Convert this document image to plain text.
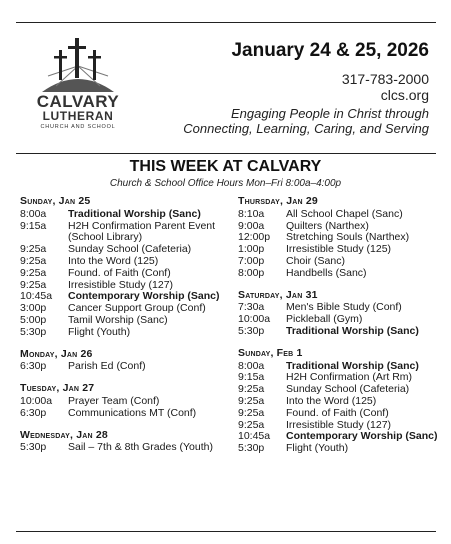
CALVARY
LUTHERAN
CHURCH AND SCHOOL
January 24 & 25, 2026
317-783-2000
clcs.org
Engaging People in Christ through
Connecting, Learning, Caring, and Serving
THIS WEEK AT CALVARY
Church & School Office Hours Mon–Fri 8:00a–4:00p
Sunday, Jan 25
8:00a	Traditional Worship (Sanc)
9:15a	H2H Confirmation Parent Event (School Library)
9:25a	Sunday School (Cafeteria)
9:25a	Into the Word (125)
9:25a	Found. of Faith (Conf)
9:25a	Irresistible Study (127)
10:45a	Contemporary Worship (Sanc)
3:00p	Cancer Support Group (Conf)
5:00p	Tamil Worship (Sanc)
5:30p	Flight (Youth)
Monday, Jan 26
6:30p	Parish Ed (Conf)
Tuesday, Jan 27
10:00a	Prayer Team (Conf)
6:30p	Communications MT (Conf)
Wednesday, Jan 28
5:30p	Sail – 7th & 8th Grades (Youth)
Thursday, Jan 29
8:10a	All School Chapel (Sanc)
9:00a	Quilters (Narthex)
12:00p	Stretching Souls (Narthex)
1:00p	Irresistible Study (125)
7:00p	Choir (Sanc)
8:00p	Handbells (Sanc)
Saturday, Jan 31
7:30a	Men's Bible Study (Conf)
10:00a	Pickleball (Gym)
5:30p	Traditional Worship (Sanc)
Sunday, Feb 1
8:00a	Traditional Worship (Sanc)
9:15a	H2H Confirmation (Art Rm)
9:25a	Sunday School (Cafeteria)
9:25a	Into the Word (125)
9:25a	Found. of Faith (Conf)
9:25a	Irresistible Study (127)
10:45a	Contemporary Worship (Sanc)
5:30p	Flight (Youth)
